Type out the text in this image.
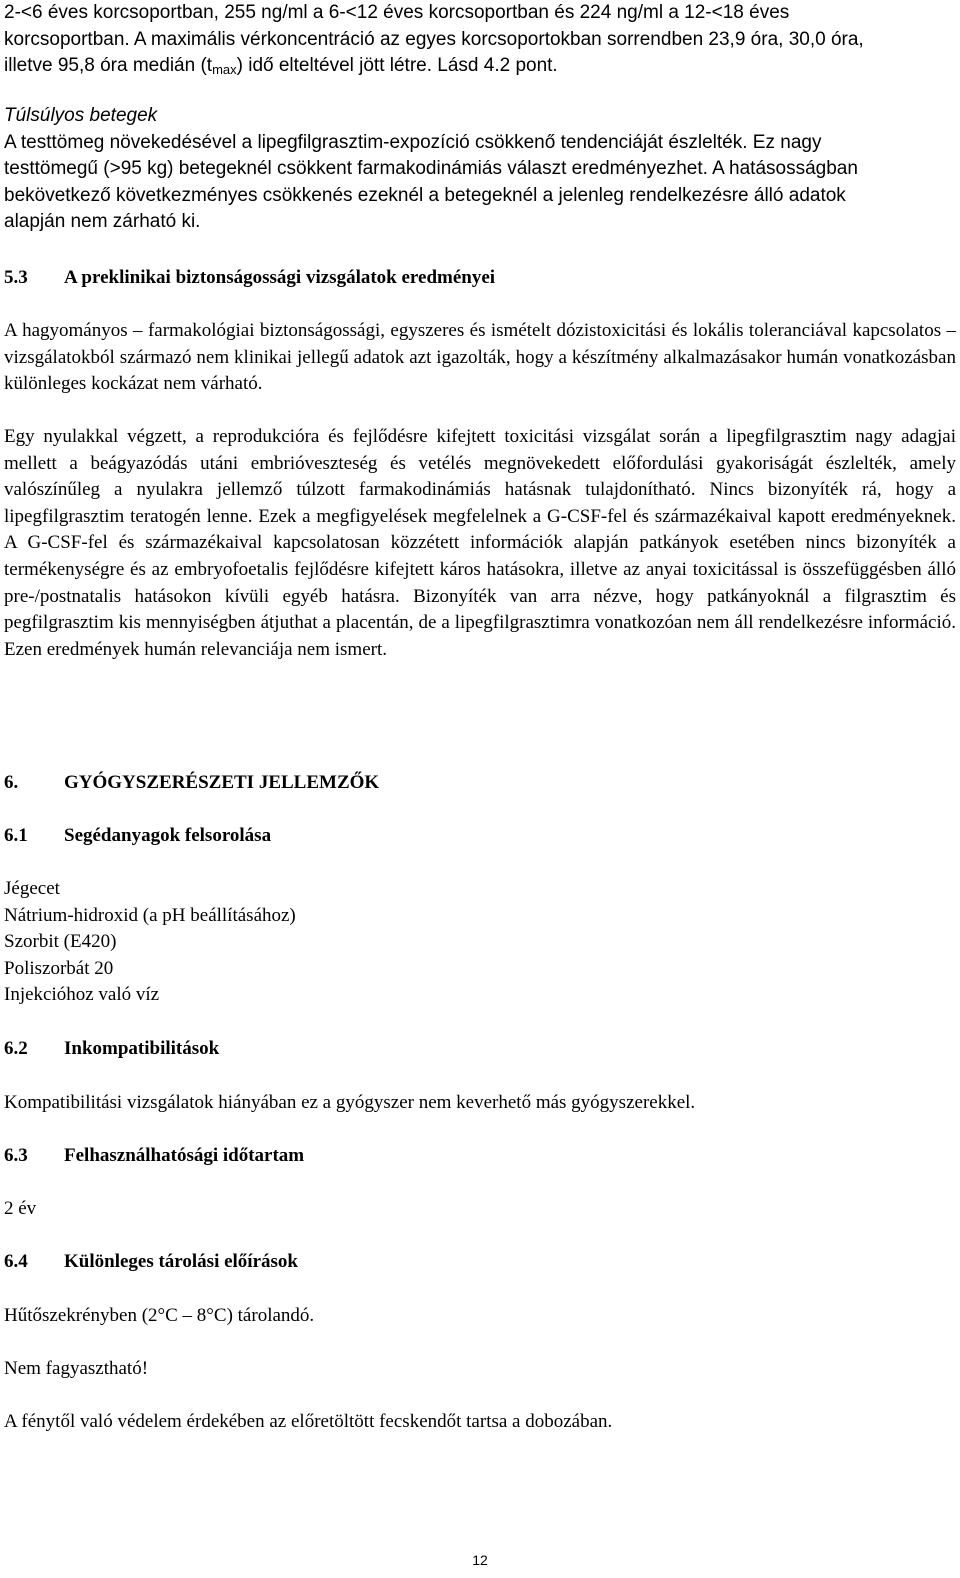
2-<6 éves korcsoportban, 255 ng/ml a 6-<12 éves korcsoportban és 224 ng/ml a 12-<18 éves
korcsoportban. A maximális vérkoncentráció az egyes korcsoportokban sorrendben 23,9 óra, 30,0 óra,
illetve 95,8 óra medián $(t_{max})$ idő elteltével jött létre. Lásd 4.2 pont.
Túlsúlyos betegek
A testtömeg növekedésével a lipegfilgrasztim-expozíció csökkenő tendenciáját észlelték. Ez nagy
testtömegű (>95 kg) betegeknél csökkent farmakodinámiás választ eredményezhet. A hatásosságban
bekövetkező következményes csökkenés ezeknél a betegeknél a jelenleg rendelkezésre álló adatok
alapján nem zárható ki.
5.3 A preklinikai biztonságossági vizsgálatok eredményei

A hagyományos – farmakológiai biztonságossági, egyszeres és ismételt dózistoxicitási és lokális toleranciával kapcsolatos – vizsgálatokból származó nem klinikai jellegű adatok azt igazolták, hogy a készítmény alkalmazásakor humán vonatkozásban különleges kockázat nem várható.

Egy nyulakkal végzett, a reprodukcióra és fejlődésre kifejtett toxicitási vizsgálat során a lipegfilgrasztim nagy adagjai mellett a beágyazódás utáni embrióveszteség és vetélés megnövekedett előfordulási gyakoriságát észlelték, amely valószínűleg a nyulakra jellemző túlzott farmakodinámiás hatásnak tulajdonítható. Nincs bizonyíték rá, hogy a lipegfilgrasztim teratogén lenne. Ezek a megfigyelések megfelelnek a G-CSF-fel és származékaival kapott eredményeknek. A G-CSF-fel és származékaival kapcsolatosan közzétett információk alapján patkányok esetében nincs bizonyíték a termékenységre és az embryofoetalis fejlődésre kifejtett káros hatásokra, illetve az anyai toxicitással is összefüggésben álló pre-/postnatalis hatásokon kívüli egyéb hatásra. Bizonyíték van arra nézve, hogy patkányoknál a filgrasztim és pegfilgrasztim kis mennyiségben átjuthat a placentán, de a lipegfilgrasztimra vonatkozóan nem áll rendelkezésre információ. Ezen eredmények humán relevanciája nem ismert.

6. GYÓGYSZERÉSZETI JELLEMZŐK
6.1 Segédanyagok felsorolása
Jégecet
Nátrium-hidroxid (a pH beállításához)
Szorbit (E420)
Poliszorbát 20
Injekcióhoz való víz
6.2 Inkompatibilitások

Kompatibilitási vizsgálatok hiányában ez a gyógyszer nem keverhető más gyógyszerekkel.

6.3 Felhasználhatósági időtartam

2 év

6.4 Különleges tárolási előírások

Hűtőszekrényben (2°C – 8°C) tárolandó.

Nem fagyasztható!

A fénytől való védelem érdekében az előretöltött fecskendőt tartsa a dobozában.

12
